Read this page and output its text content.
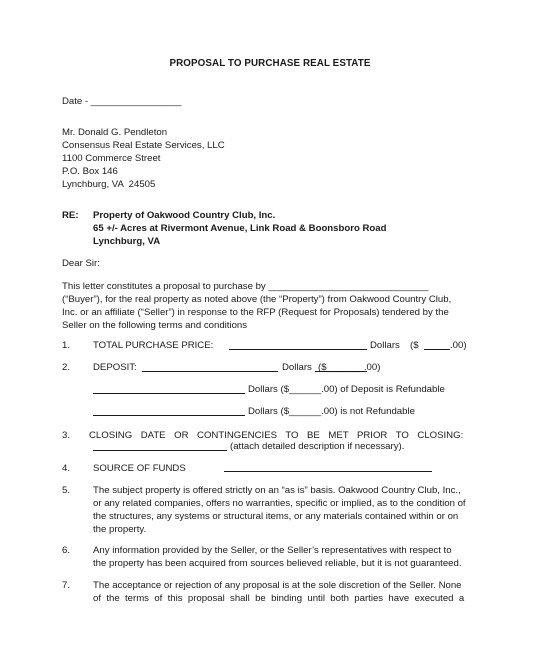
PROPOSAL TO PURCHASE REAL ESTATE
Date - _________________
Mr. Donald G. Pendleton
Consensus Real Estate Services, LLC
1100 Commerce Street
P.O. Box 146
Lynchburg, VA  24505
RE: Property of Oakwood Country Club, Inc.
65 +/- Acres at Rivermont Avenue, Link Road & Boonsboro Road
Lynchburg, VA
Dear Sir:
This letter constitutes a proposal to purchase by ______________________________
(“Buyer”), for the real property as noted above (the “Property”) from Oakwood Country Club,
Inc. or an affiliate (“Seller”) in response to the RFP (Request for Proposals) tendered by the
Seller on the following terms and conditions
1. TOTAL PURCHASE PRICE:	Dollars ($	.00)
2. DEPOSIT:	Dollars ($_______.00)
Dollars ($______.00) of Deposit is Refundable
Dollars ($______.00) is not Refundable
3. CLOSING  DATE  OR  CONTINGENCIES  TO  BE  MET  PRIOR  TO  CLOSING:
(attach detailed description if necessary).
4. SOURCE OF FUNDS
5. The subject property is offered strictly on an “as is” basis. Oakwood Country Club, Inc.,
or any related companies, offers no warranties, specific or implied, as to the condition of
the structures, any systems or structural items, or any materials contained within or on
the property.
6. Any information provided by the Seller, or the Seller’s representatives with respect to
the property has been acquired from sources believed reliable, but it is not guaranteed.
7. The acceptance or rejection of any proposal is at the sole discretion of the Seller. None
of  the  terms  of  this  proposal  shall  be  binding  until  both  parties  have  executed  a
